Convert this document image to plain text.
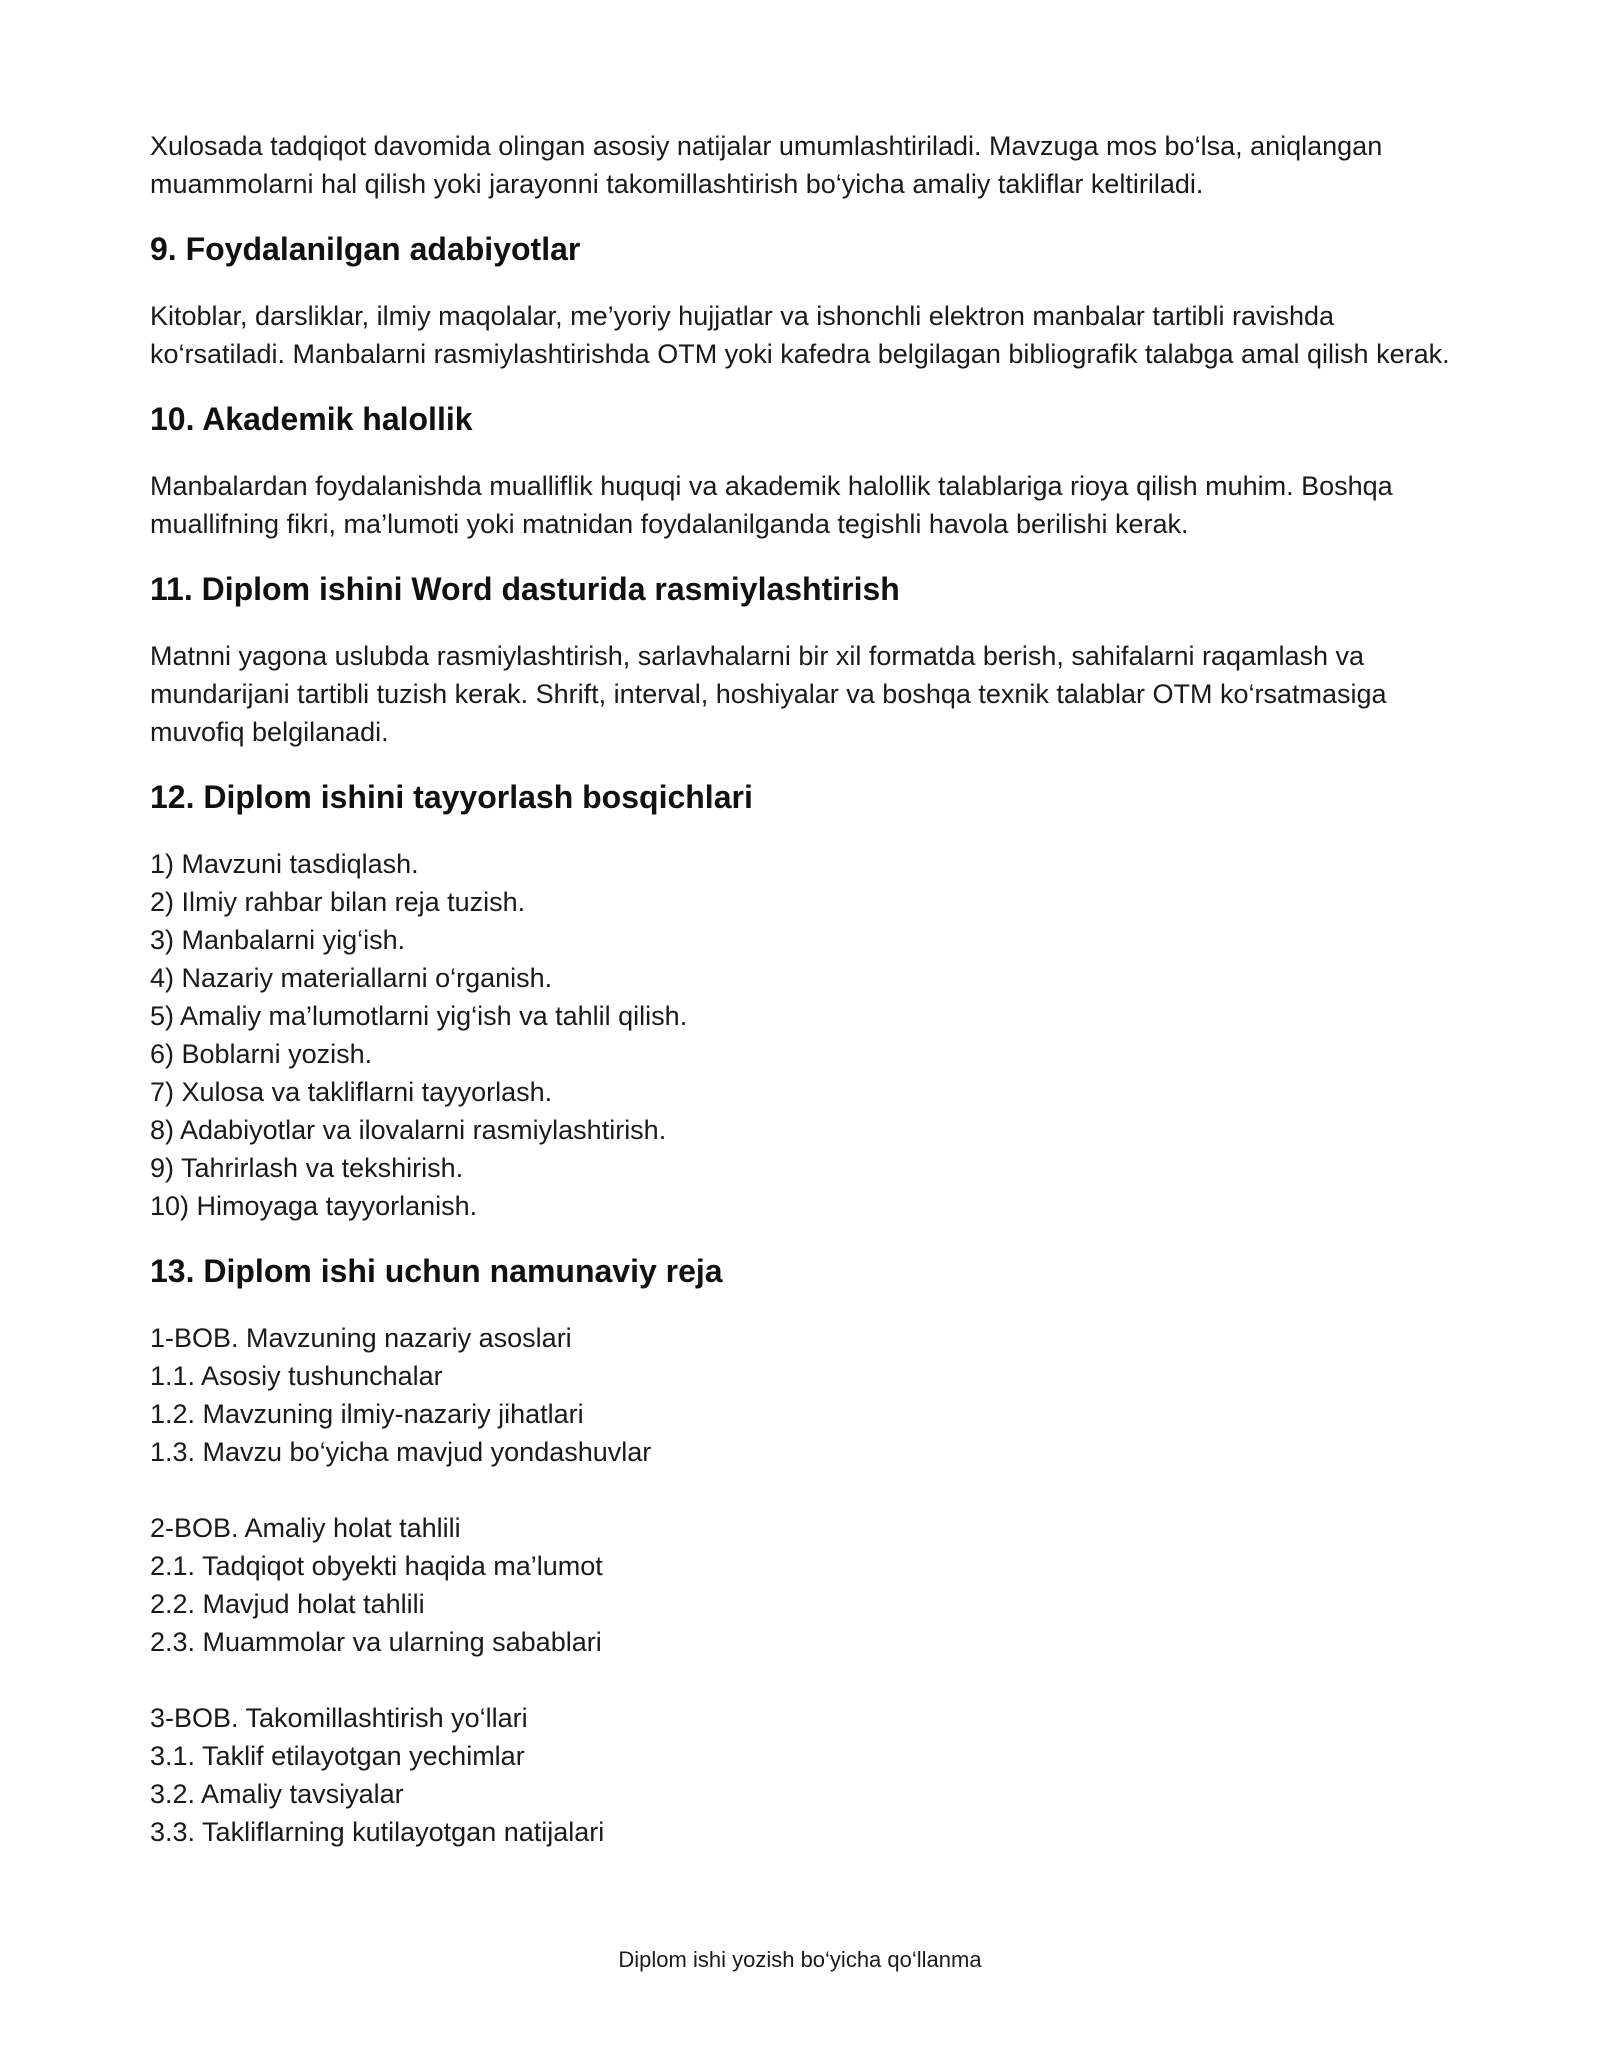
Xulosada tadqiqot davomida olingan asosiy natijalar umumlashtiriladi. Mavzuga mos bo‘lsa, aniqlangan muammolarni hal qilish yoki jarayonni takomillashtirish bo‘yicha amaliy takliflar keltiriladi.

9. Foydalanilgan adabiyotlar

Kitoblar, darsliklar, ilmiy maqolalar, me’yoriy hujjatlar va ishonchli elektron manbalar tartibli ravishda ko‘rsatiladi. Manbalarni rasmiylashtirishda OTM yoki kafedra belgilagan bibliografik talabga amal qilish kerak.

10. Akademik halollik

Manbalardan foydalanishda mualliflik huquqi va akademik halollik talablariga rioya qilish muhim. Boshqa muallifning fikri, ma’lumoti yoki matnidan foydalanilganda tegishli havola berilishi kerak.

11. Diplom ishini Word dasturida rasmiylashtirish

Matnni yagona uslubda rasmiylashtirish, sarlavhalarni bir xil formatda berish, sahifalarni raqamlash va mundarijani tartibli tuzish kerak. Shrift, interval, hoshiyalar va boshqa texnik talablar OTM ko‘rsatmasiga muvofiq belgilanadi.

12. Diplom ishini tayyorlash bosqichlari
1) Mavzuni tasdiqlash.
2) Ilmiy rahbar bilan reja tuzish.
3) Manbalarni yig‘ish.
4) Nazariy materiallarni o‘rganish.
5) Amaliy ma’lumotlarni yig‘ish va tahlil qilish.
6) Boblarni yozish.
7) Xulosa va takliflarni tayyorlash.
8) Adabiyotlar va ilovalarni rasmiylashtirish.
9) Tahrirlash va tekshirish.
10) Himoyaga tayyorlanish.
13. Diplom ishi uchun namunaviy reja
1-BOB. Mavzuning nazariy asoslari
1.1. Asosiy tushunchalar
1.2. Mavzuning ilmiy-nazariy jihatlari
1.3. Mavzu bo‘yicha mavjud yondashuvlar
2-BOB. Amaliy holat tahlili
2.1. Tadqiqot obyekti haqida ma’lumot
2.2. Mavjud holat tahlili
2.3. Muammolar va ularning sabablari
3-BOB. Takomillashtirish yo‘llari
3.1. Taklif etilayotgan yechimlar
3.2. Amaliy tavsiyalar
3.3. Takliflarning kutilayotgan natijalari
Diplom ishi yozish bo‘yicha qo‘llanma
